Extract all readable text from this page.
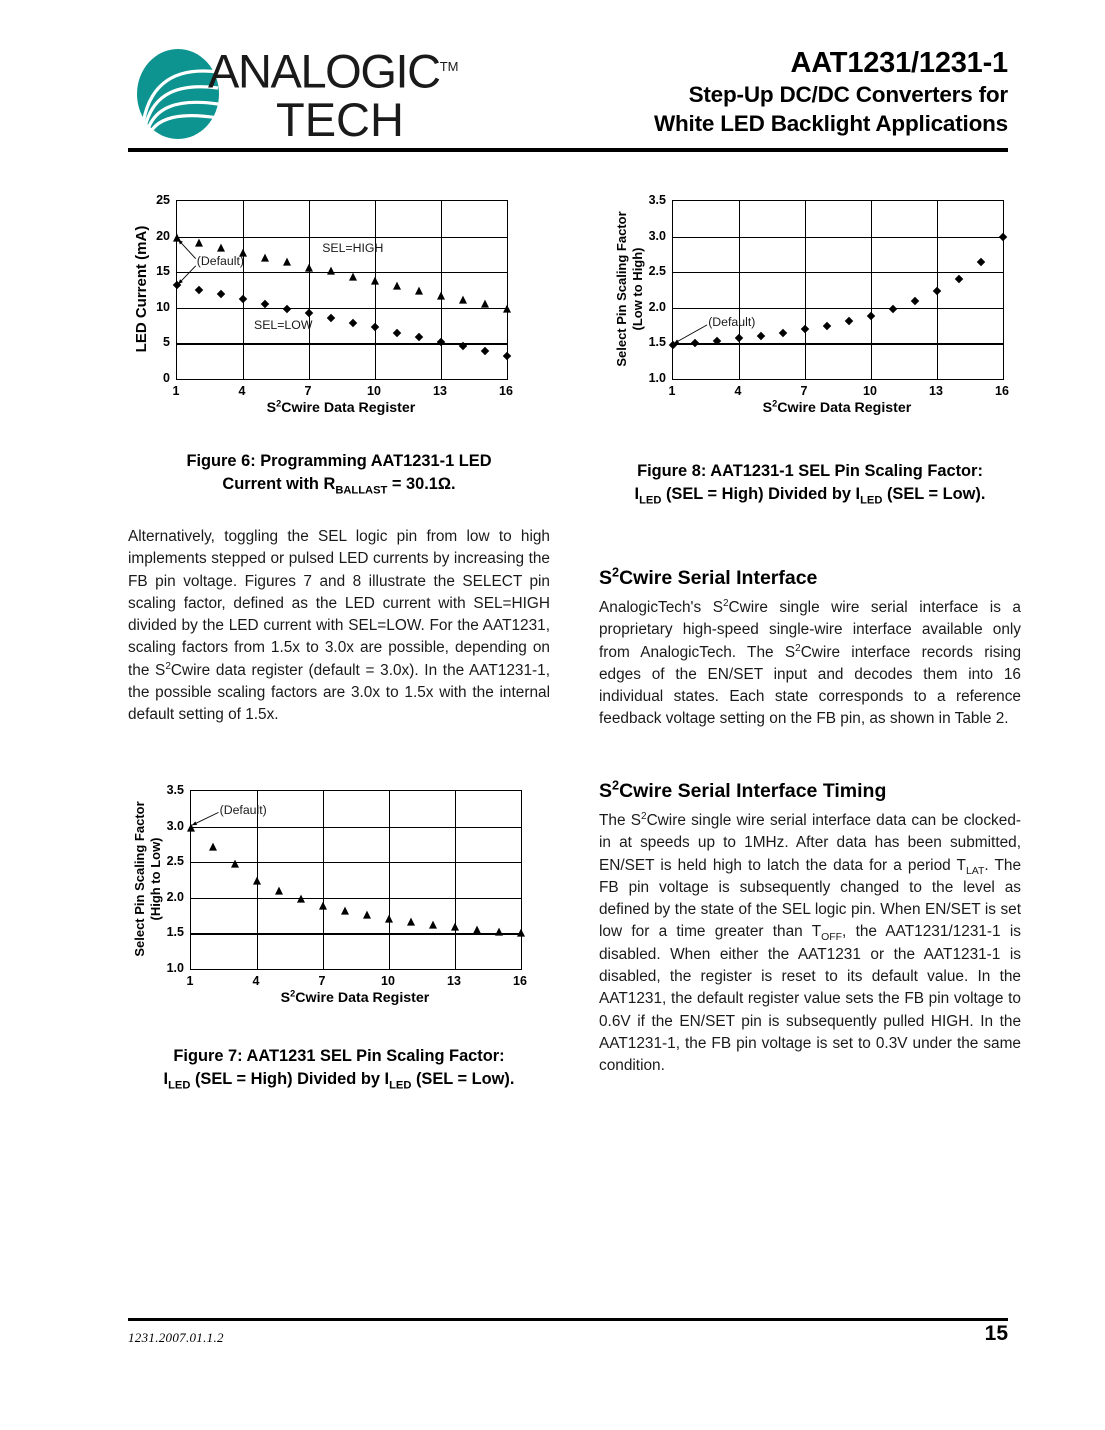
ANALOGIC™
TECH
AAT1231/1231-1
Step-Up DC/DC Converters for
White LED Backlight Applications
SEL=HIGH
SEL=LOW
(Default)
0
5
10
15
20
25
1	4	7	10	13	16
LED Current (mA)
$S^2Cwire$ Data Register
Figure 6: Programming AAT1231-1 LED
Current with $R_{BALLAST} = 30.1\Omega$.

Alternatively, toggling the SEL logic pin from low to high implements stepped or pulsed LED currents by increasing the FB pin voltage. Figures 7 and 8 illustrate the SELECT pin scaling factor, defined as the LED current with SEL=HIGH divided by the LED current with SEL=LOW. For the AAT1231, scaling factors from 1.5x to 3.0x are possible, depending on the $S^2Cwire$ data register (default = 3.0x). In the AAT1231-1, the possible scaling factors are 3.0x to 1.5x with the internal default setting of 1.5x.

(Default)
1.0
1.5
2.0
2.5
3.0
3.5
1	4	7	10	13	16
Select Pin Scaling Factor
(High to Low)
$S^2Cwire$ Data Register
Figure 7: AAT1231 SEL Pin Scaling Factor:
$I_{LED}$ (SEL = High) Divided by $I_{LED}$ (SEL = Low).
(Default)
1.0
1.5
2.0
2.5
3.0
3.5
1	4	7	10	13	16
Select Pin Scaling Factor
(Low to High)
$S^2Cwire$ Data Register
Figure 8: AAT1231-1 SEL Pin Scaling Factor:
$I_{LED}$ (SEL = High) Divided by $I_{LED}$ (SEL = Low).
$S^2Cwire$ Serial Interface

AnalogicTech's $S^2Cwire$ single wire serial interface is a proprietary high-speed single-wire interface available only from AnalogicTech. The $S^2Cwire$ interface records rising edges of the EN/SET input and decodes them into 16 individual states. Each state corresponds to a reference feedback voltage setting on the FB pin, as shown in Table 2.

$S^2Cwire$ Serial Interface Timing

The $S^2Cwire$ single wire serial interface data can be clocked-in at speeds up to 1MHz. After data has been submitted, EN/SET is held high to latch the data for a period $T_{LAT}$. The FB pin voltage is subsequently changed to the level as defined by the state of the SEL logic pin. When EN/SET is set low for a time greater than $T_{OFF}$, the AAT1231/1231-1 is disabled. When either the AAT1231 or the AAT1231-1 is disabled, the register is reset to its default value. In the AAT1231, the default register value sets the FB pin voltage to 0.6V if the EN/SET pin is subsequently pulled HIGH. In the AAT1231-1, the FB pin voltage is set to 0.3V under the same condition.

1231.2007.01.1.2	15
